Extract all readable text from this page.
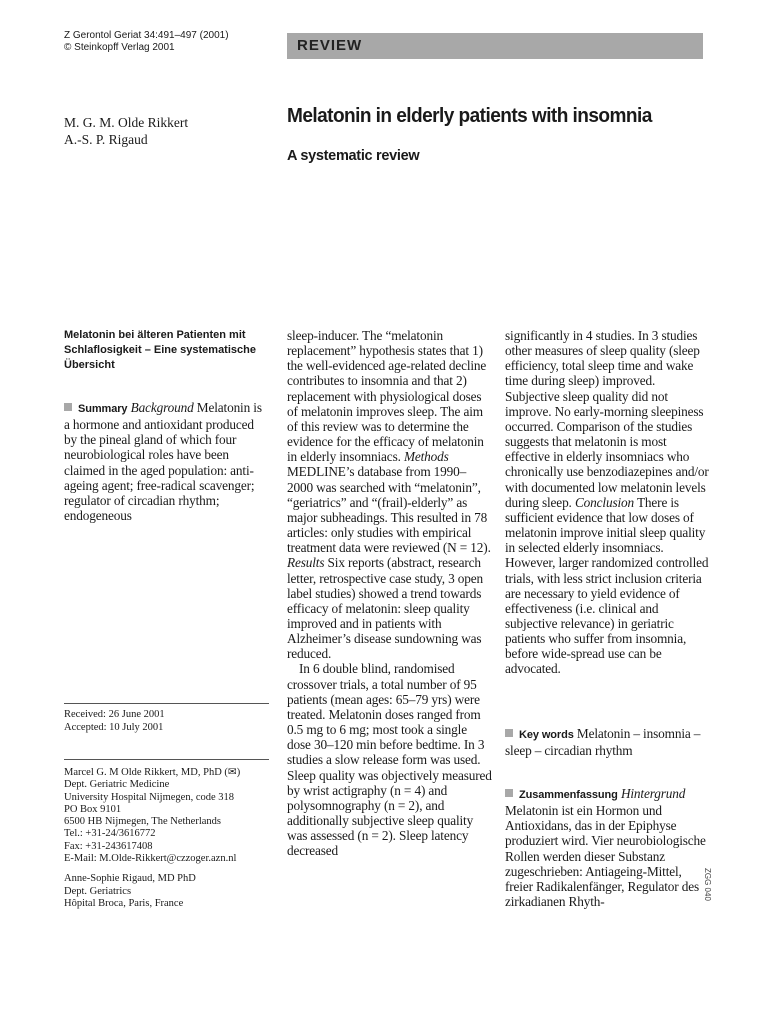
Z Gerontol Geriat 34:491–497 (2001)
© Steinkopff Verlag 2001	REVIEW
M. G. M. Olde Rikkert
A.-S. P. Rigaud
Melatonin in elderly patients with insomnia
A systematic review
Melatonin bei älteren Patienten mit Schlaflosigkeit – Eine systematische Übersicht
Summary Background Melatonin is a hormone and antioxidant produced by the pineal gland of which four neurobiological roles have been claimed in the aged population: anti-ageing agent; free-radical scavenger; regulator of circadian rhythm; endogeneous
sleep-inducer. The “melatonin replacement” hypothesis states that 1) the well-evidenced age-related decline contributes to insomnia and that 2) replacement with physiological doses of melatonin improves sleep. The aim of this review was to determine the evidence for the efficacy of melatonin in elderly insomniacs. Methods MEDLINE’s database from 1990–2000 was searched with “melatonin”, “geriatrics” and “(frail)-elderly” as major subheadings. This resulted in 78 articles: only studies with empirical treatment data were reviewed (N = 12). Results Six reports (abstract, research letter, retrospective case study, 3 open label studies) showed a trend towards efficacy of melatonin: sleep quality improved and in patients with Alzheimer’s disease sundowning was reduced.
In 6 double blind, randomised crossover trials, a total number of 95 patients (mean ages: 65–79 yrs) were treated. Melatonin doses ranged from 0.5 mg to 6 mg; most took a single dose 30–120 min before bedtime. In 3 studies a slow release form was used. Sleep quality was objectively measured by wrist actigraphy (n = 4) and polysomnography (n = 2), and additionally subjective sleep quality was assessed (n = 2). Sleep latency decreased
significantly in 4 studies. In 3 studies other measures of sleep quality (sleep efficiency, total sleep time and wake time during sleep) improved. Subjective sleep quality did not improve. No early-morning sleepiness occurred. Comparison of the studies suggests that melatonin is most effective in elderly insomniacs who chronically use benzodiazepines and/or with documented low melatonin levels during sleep. Conclusion There is sufficient evidence that low doses of melatonin improve initial sleep quality in selected elderly insomniacs. However, larger randomized controlled trials, with less strict inclusion criteria are necessary to yield evidence of effectiveness (i.e. clinical and subjective relevance) in geriatric patients who suffer from insomnia, before wide-spread use can be advocated.
Key words Melatonin – insomnia – sleep – circadian rhythm
Zusammenfassung Hintergrund
Melatonin ist ein Hormon und Antioxidans, das in der Epiphyse produziert wird. Vier neurobiologische Rollen werden dieser Substanz zugeschrieben: Antiageing-Mittel, freier Radikalenfänger, Regulator des zirkadianen Rhyth-
Received: 26 June 2001
Accepted: 10 July 2001
Marcel G. M Olde Rikkert, MD, PhD (✉)
Dept. Geriatric Medicine
University Hospital Nijmegen, code 318
PO Box 9101
6500 HB Nijmegen, The Netherlands
Tel.: +31-24/3616772
Fax: +31-243617408
E-Mail: M.Olde-Rikkert@czzoger.azn.nl
Anne-Sophie Rigaud, MD PhD
Dept. Geriatrics
Hôpital Broca, Paris, France
ZGG 040
